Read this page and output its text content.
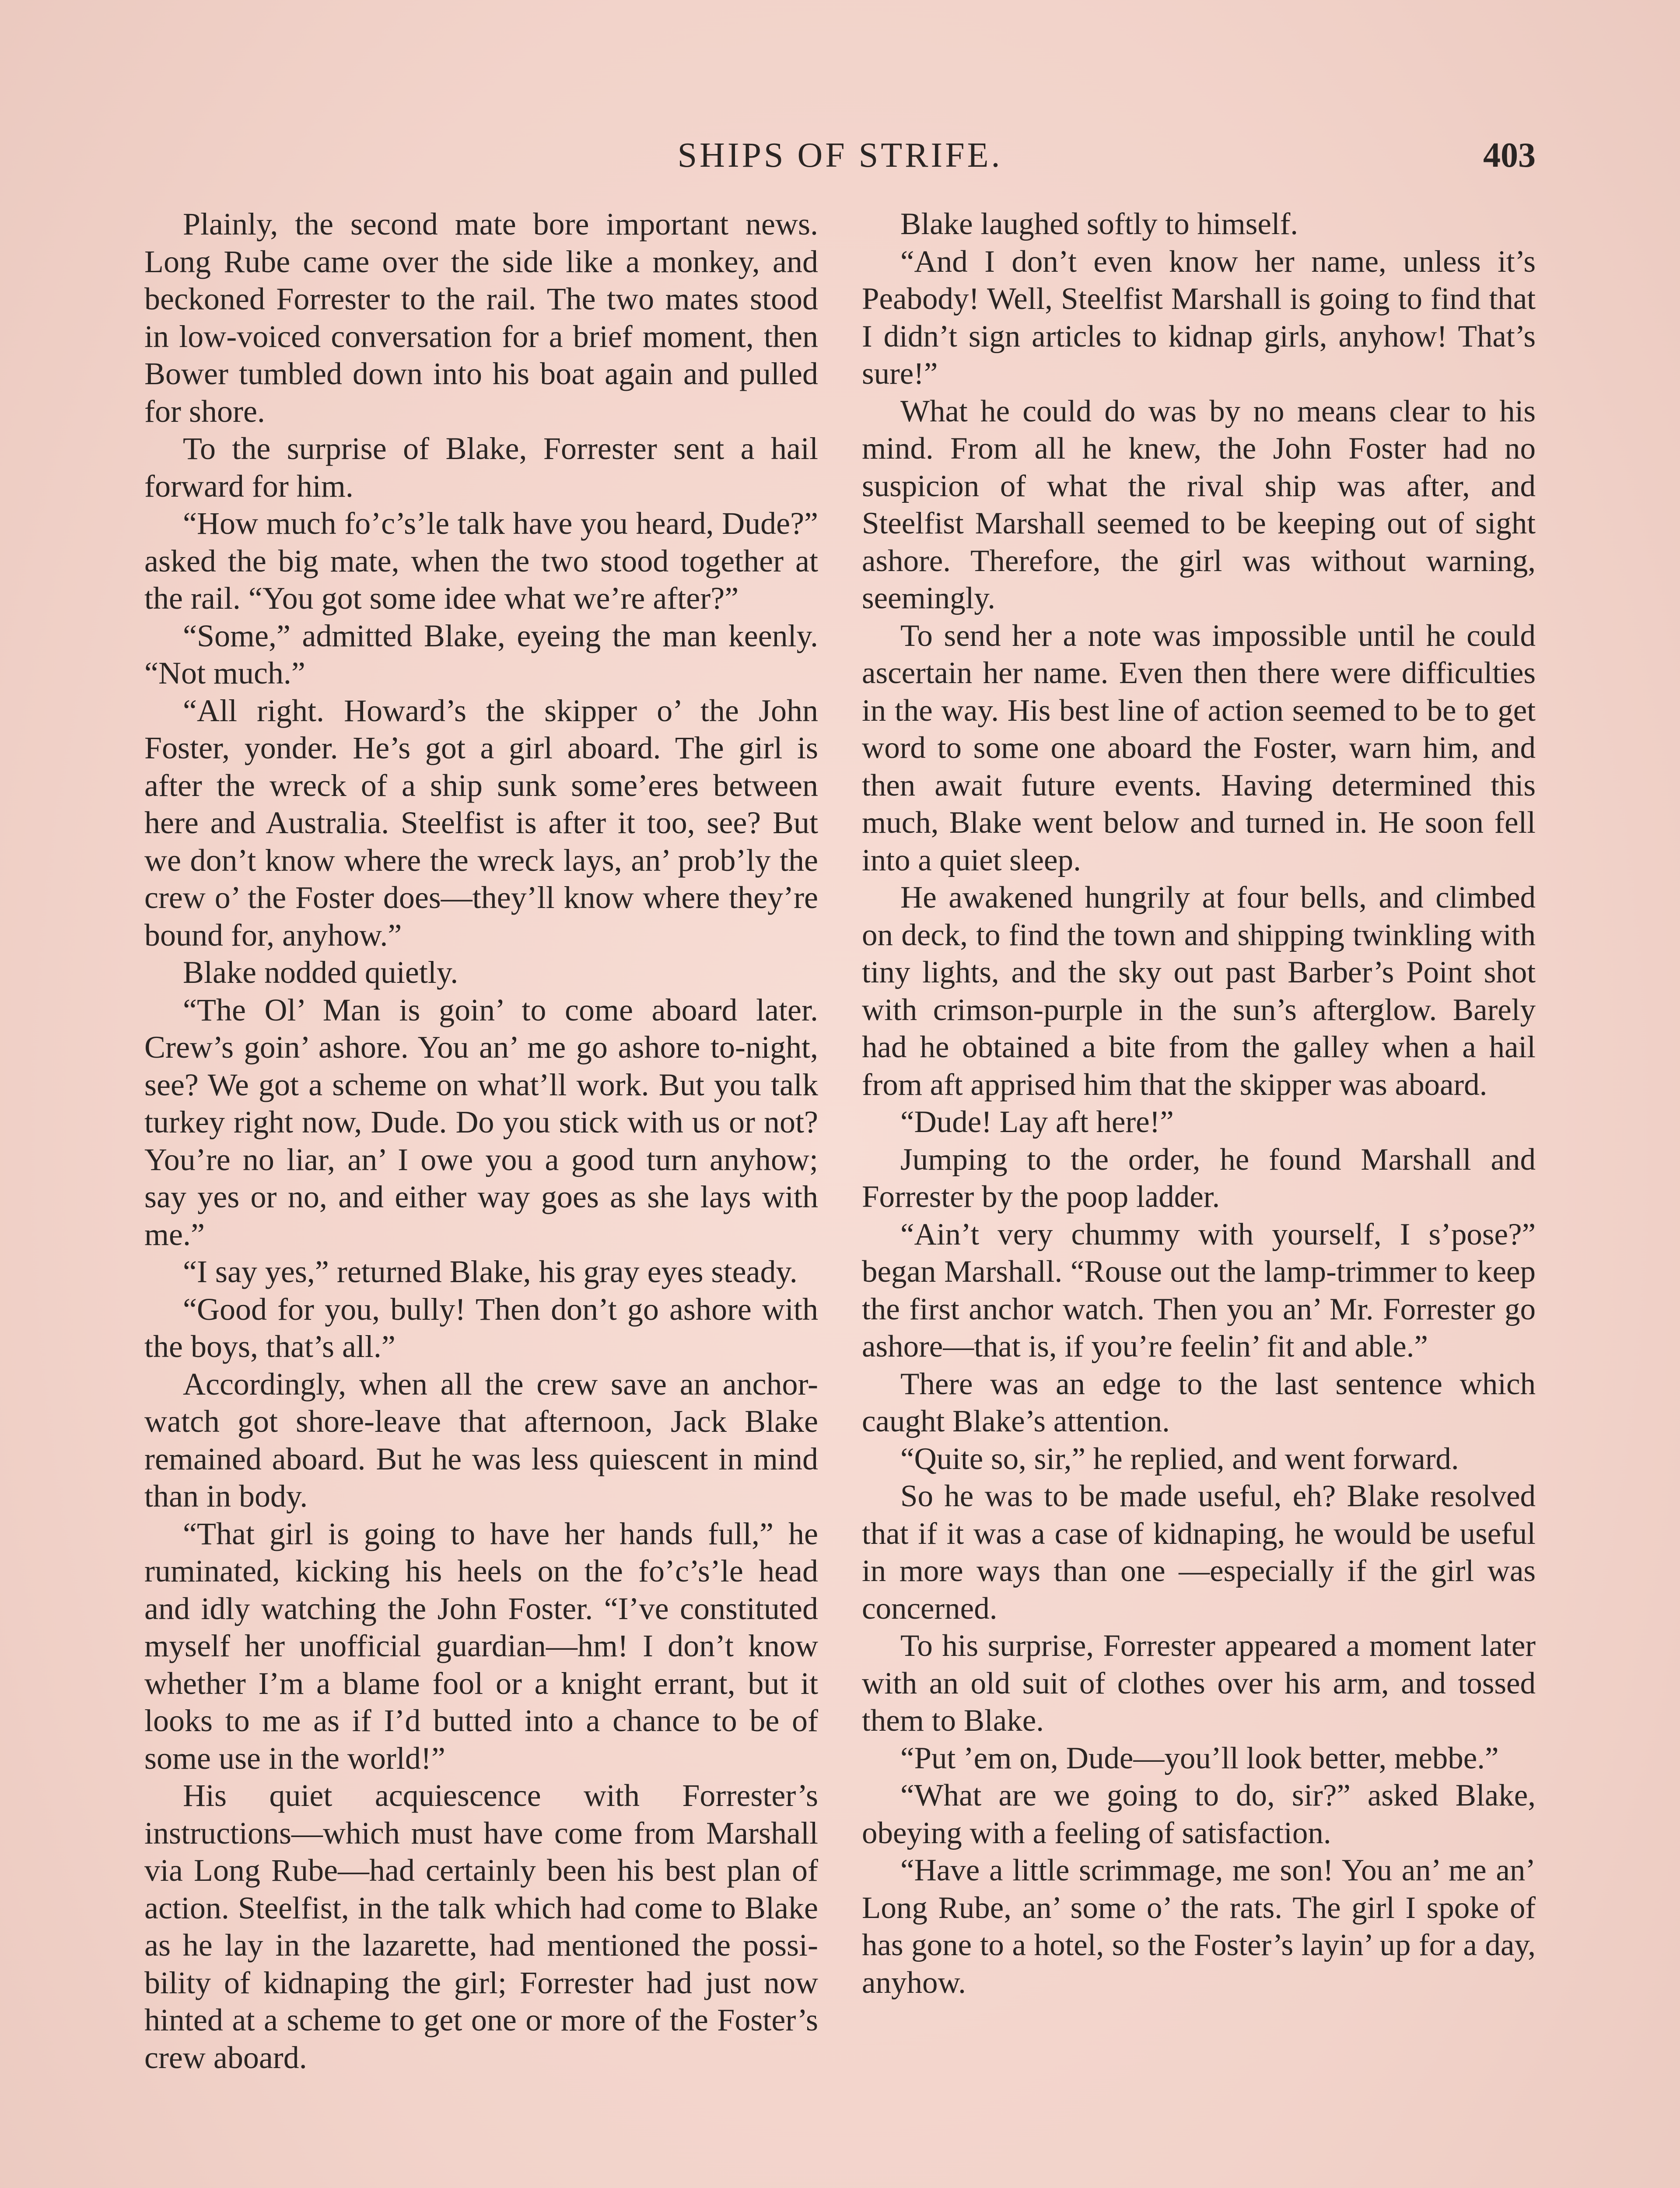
SHIPS OF STRIFE.	403

Plainly, the second mate bore important news. Long Rube came over the side like a monkey, and beckoned Forrester to the rail. The two mates stood in low-voiced conversation for a brief moment, then Bower tumbled down into his boat again and pulled for shore.

To the surprise of Blake, Forrester sent a hail forward for him.

“How much fo’c’s’le talk have you heard, Dude?” asked the big mate, when the two stood together at the rail. “You got some idee what we’re after?”

“Some,” admitted Blake, eyeing the man keenly. “Not much.”

“All right. Howard’s the skipper o’ the John Foster, yonder. He’s got a girl aboard. The girl is after the wreck of a ship sunk some’eres between here and Australia. Steelfist is after it too, see? But we don’t know where the wreck lays, an’ prob’ly the crew o’ the Foster does—they’ll know where they’re bound for, anyhow.”

Blake nodded quietly.

“The Ol’ Man is goin’ to come aboard later. Crew’s goin’ ashore. You an’ me go ashore to-night, see? We got a scheme on what’ll work. But you talk turkey right now, Dude. Do you stick with us or not? You’re no liar, an’ I owe you a good turn anyhow; say yes or no, and either way goes as she lays with me.”

“I say yes,” returned Blake, his gray eyes steady.

“Good for you, bully! Then don’t go ashore with the boys, that’s all.”

Accordingly, when all the crew save an anchor-watch got shore-leave that afternoon, Jack Blake remained aboard. But he was less quiescent in mind than in body.

“That girl is going to have her hands full,” he ruminated, kicking his heels on the fo’c’s’le head and idly watching the John Foster. “I’ve constituted myself her unofficial guardian—hm! I don’t know whether I’m a blame fool or a knight errant, but it looks to me as if I’d butted into a chance to be of some use in the world!”

His quiet acquiescence with Forrester’s instructions—which must have come from Marshall via Long Rube—had certainly been his best plan of action. Steelfist, in the talk which had come to Blake as he lay in the lazarette, had mentioned the possibility of kidnaping the girl; Forrester had just now hinted at a scheme to get one or more of the Foster’s crew aboard.

Blake laughed softly to himself.

“And I don’t even know her name, unless it’s Peabody! Well, Steelfist Marshall is going to find that I didn’t sign articles to kidnap girls, anyhow! That’s sure!”

What he could do was by no means clear to his mind. From all he knew, the John Foster had no suspicion of what the rival ship was after, and Steelfist Marshall seemed to be keeping out of sight ashore. Therefore, the girl was without warning, seemingly.

To send her a note was impossible until he could ascertain her name. Even then there were difficulties in the way. His best line of action seemed to be to get word to some one aboard the Foster, warn him, and then await future events. Having determined this much, Blake went below and turned in. He soon fell into a quiet sleep.

He awakened hungrily at four bells, and climbed on deck, to find the town and shipping twinkling with tiny lights, and the sky out past Barber’s Point shot with crimson-purple in the sun’s afterglow. Barely had he obtained a bite from the galley when a hail from aft apprised him that the skipper was aboard.

“Dude! Lay aft here!”

Jumping to the order, he found Marshall and Forrester by the poop ladder.

“Ain’t very chummy with yourself, I s’pose?” began Marshall. “Rouse out the lamp-trimmer to keep the first anchor watch. Then you an’ Mr. Forrester go ashore—that is, if you’re feelin’ fit and able.”

There was an edge to the last sentence which caught Blake’s attention.

“Quite so, sir,” he replied, and went forward.

So he was to be made useful, eh? Blake resolved that if it was a case of kidnaping, he would be useful in more ways than one —especially if the girl was concerned.

To his surprise, Forrester appeared a moment later with an old suit of clothes over his arm, and tossed them to Blake.

“Put ’em on, Dude—you’ll look better, mebbe.”

“What are we going to do, sir?” asked Blake, obeying with a feeling of satisfaction.

“Have a little scrimmage, me son! You an’ me an’ Long Rube, an’ some o’ the rats. The girl I spoke of has gone to a hotel, so the Foster’s layin’ up for a day, anyhow.
